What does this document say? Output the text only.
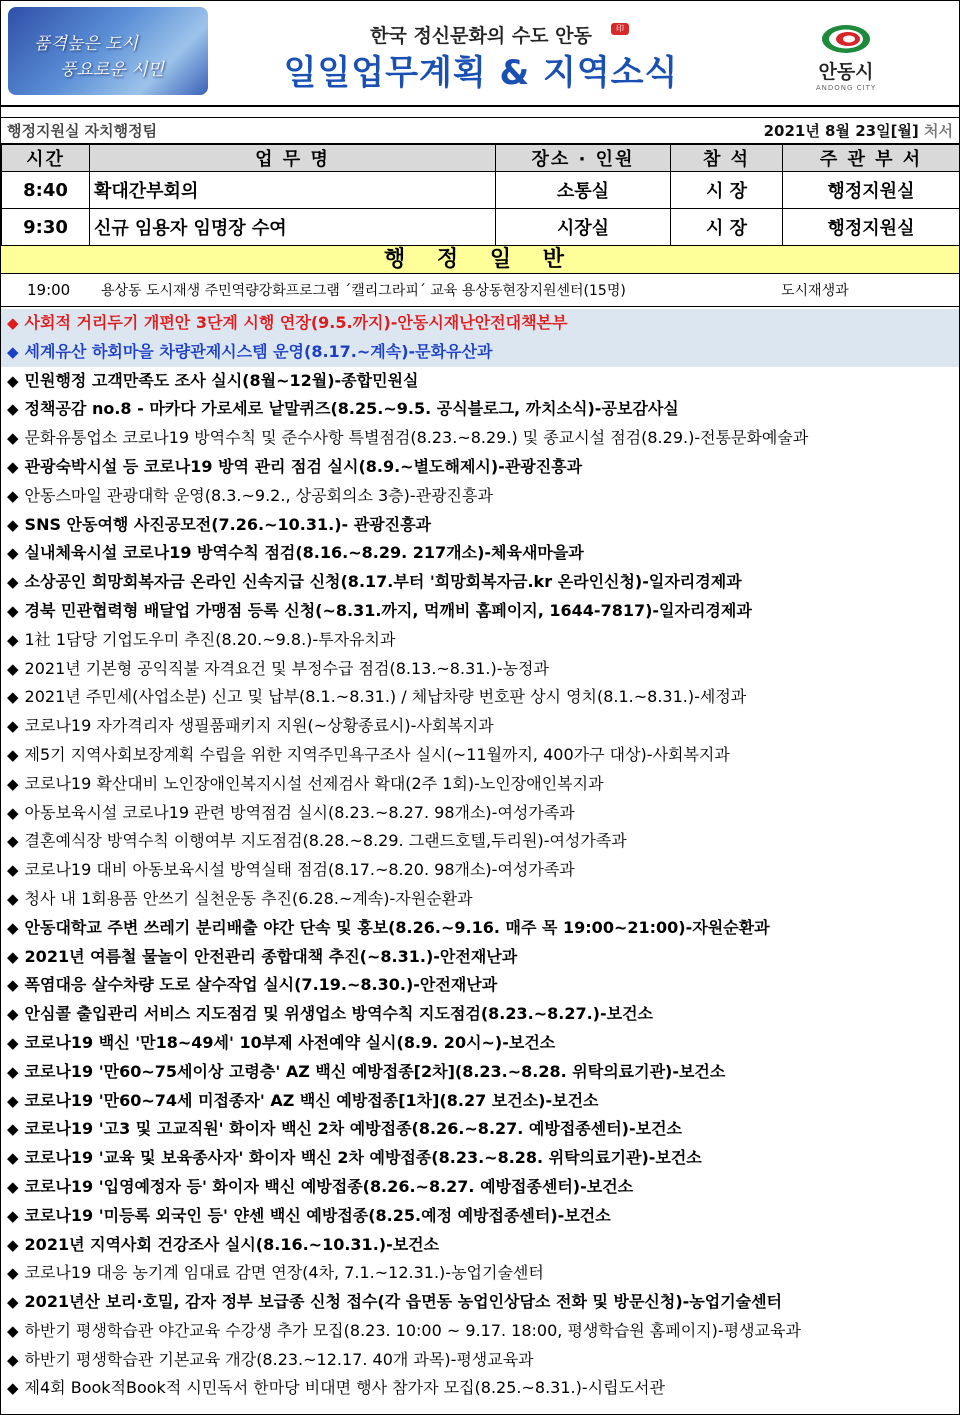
품격높은 도시
풍요로운 시민
한국 정신문화의 수도 안동	印
일일업무계획 & 지역소식	안동시
ANDONG CITY
행정지원실 자치행정팀	2021년 8월 23일[월] 처서
시간	업 무 명	장소 · 인원	참 석	주 관 부 서
8:40	확대간부회의	소통실	시 장	행정지원실
9:30	신규 임용자 임명장 수여	시장실	시 장	행정지원실
행 정 일 반
19:00	용상동 도시재생 주민역량강화프로그램 ´캘리그라피´ 교육 용상동현장지원센터(15명)	도시재생과
◆ 사회적 거리두기 개편안 3단계 시행 연장(9.5.까지)-안동시재난안전대책본부
◆ 세계유산 하회마을 차량관제시스템 운영(8.17.~계속)-문화유산과
◆ 민원행정 고객만족도 조사 실시(8월~12월)-종합민원실
◆ 정책공감 no.8 - 마카다 가로세로 낱말퀴즈(8.25.~9.5. 공식블로그, 까치소식)-공보감사실
◆ 문화유통업소 코로나19 방역수칙 및 준수사항 특별점검(8.23.~8.29.) 및 종교시설 점검(8.29.)-전통문화예술과
◆ 관광숙박시설 등 코로나19 방역 관리 점검 실시(8.9.~별도해제시)-관광진흥과
◆ 안동스마일 관광대학 운영(8.3.~9.2., 상공회의소 3층)-관광진흥과
◆ SNS 안동여행 사진공모전(7.26.~10.31.)- 관광진흥과
◆ 실내체육시설 코로나19 방역수칙 점검(8.16.~8.29. 217개소)-체육새마을과
◆ 소상공인 희망회복자금 온라인 신속지급 신청(8.17.부터 '희망회복자금.kr 온라인신청)-일자리경제과
◆ 경북 민관협력형 배달업 가맹점 등록 신청(~8.31.까지, 먹깨비 홈페이지, 1644-7817)-일자리경제과
◆ 1社 1담당 기업도우미 추진(8.20.~9.8.)-투자유치과
◆ 2021년 기본형 공익직불 자격요건 및 부정수급 점검(8.13.~8.31.)-농정과
◆ 2021년 주민세(사업소분) 신고 및 납부(8.1.~8.31.) / 체납차량 번호판 상시 영치(8.1.~8.31.)-세정과
◆ 코로나19 자가격리자 생필품패키지 지원(~상황종료시)-사회복지과
◆ 제5기 지역사회보장계획 수립을 위한 지역주민욕구조사 실시(~11월까지, 400가구 대상)-사회복지과
◆ 코로나19 확산대비 노인장애인복지시설 선제검사 확대(2주 1회)-노인장애인복지과
◆ 아동보육시설 코로나19 관련 방역점검 실시(8.23.~8.27. 98개소)-여성가족과
◆ 결혼예식장 방역수칙 이행여부 지도점검(8.28.~8.29. 그랜드호텔,두리원)-여성가족과
◆ 코로나19 대비 아동보육시설 방역실태 점검(8.17.~8.20. 98개소)-여성가족과
◆ 청사 내 1회용품 안쓰기 실천운동 추진(6.28.~계속)-자원순환과
◆ 안동대학교 주변 쓰레기 분리배출 야간 단속 및 홍보(8.26.~9.16. 매주 목 19:00~21:00)-자원순환과
◆ 2021년 여름철 물놀이 안전관리 종합대책 추진(~8.31.)-안전재난과
◆ 폭염대응 살수차량 도로 살수작업 실시(7.19.~8.30.)-안전재난과
◆ 안심콜 출입관리 서비스 지도점검 및 위생업소 방역수칙 지도점검(8.23.~8.27.)-보건소
◆ 코로나19 백신 '만18~49세' 10부제 사전예약 실시(8.9. 20시~)-보건소
◆ 코로나19 '만60~75세이상 고령층' AZ 백신 예방접종[2차](8.23.~8.28. 위탁의료기관)-보건소
◆ 코로나19 '만60~74세 미접종자' AZ 백신 예방접종[1차](8.27 보건소)-보건소
◆ 코로나19 '고3 및 고교직원' 화이자 백신 2차 예방접종(8.26.~8.27. 예방접종센터)-보건소
◆ 코로나19 '교육 및 보육종사자' 화이자 백신 2차 예방접종(8.23.~8.28. 위탁의료기관)-보건소
◆ 코로나19 '입영예정자 등' 화이자 백신 예방접종(8.26.~8.27. 예방접종센터)-보건소
◆ 코로나19 '미등록 외국인 등' 얀센 백신 예방접종(8.25.예정 예방접종센터)-보건소
◆ 2021년 지역사회 건강조사 실시(8.16.~10.31.)-보건소
◆ 코로나19 대응 농기계 임대료 감면 연장(4차, 7.1.~12.31.)-농업기술센터
◆ 2021년산 보리·호밀, 감자 정부 보급종 신청 접수(각 읍면동 농업인상담소 전화 및 방문신청)-농업기술센터
◆ 하반기 평생학습관 야간교육 수강생 추가 모집(8.23. 10:00 ~ 9.17. 18:00, 평생학습원 홈페이지)-평생교육과
◆ 하반기 평생학습관 기본교육 개강(8.23.~12.17. 40개 과목)-평생교육과
◆ 제4회 Book적Book적 시민독서 한마당 비대면 행사 참가자 모집(8.25.~8.31.)-시립도서관
